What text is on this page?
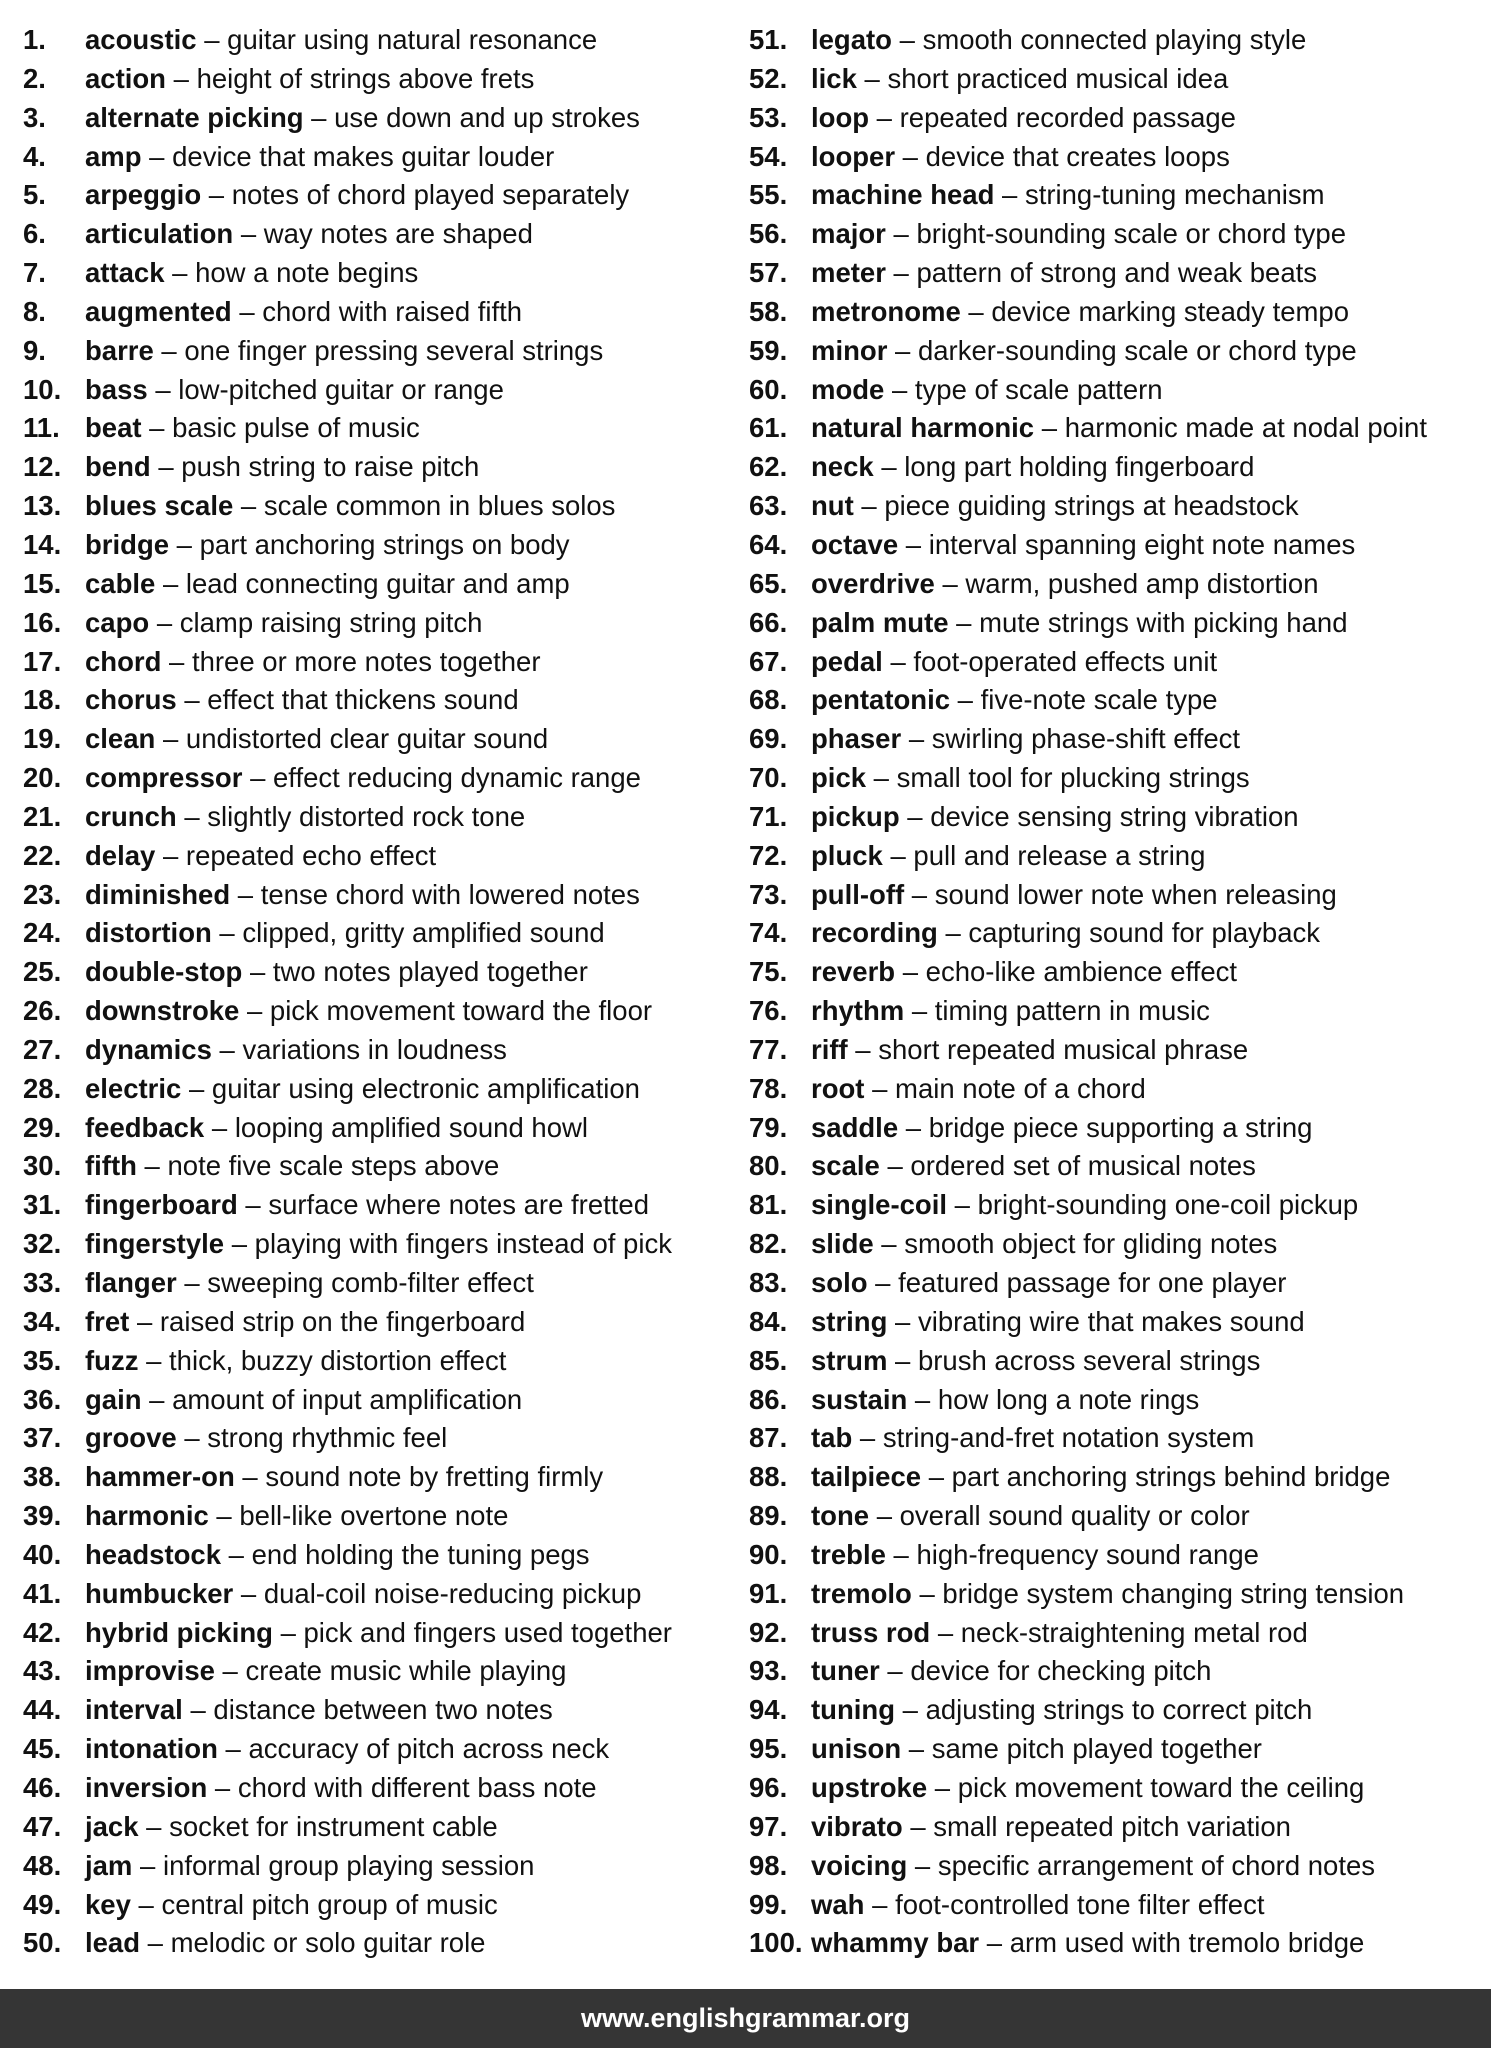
1. acoustic – guitar using natural resonance
2. action – height of strings above frets
3. alternate picking – use down and up strokes
4. amp – device that makes guitar louder
5. arpeggio – notes of chord played separately
6. articulation – way notes are shaped
7. attack – how a note begins
8. augmented – chord with raised fifth
9. barre – one finger pressing several strings
10. bass – low-pitched guitar or range
11. beat – basic pulse of music
12. bend – push string to raise pitch
13. blues scale – scale common in blues solos
14. bridge – part anchoring strings on body
15. cable – lead connecting guitar and amp
16. capo – clamp raising string pitch
17. chord – three or more notes together
18. chorus – effect that thickens sound
19. clean – undistorted clear guitar sound
20. compressor – effect reducing dynamic range
21. crunch – slightly distorted rock tone
22. delay – repeated echo effect
23. diminished – tense chord with lowered notes
24. distortion – clipped, gritty amplified sound
25. double-stop – two notes played together
26. downstroke – pick movement toward the floor
27. dynamics – variations in loudness
28. electric – guitar using electronic amplification
29. feedback – looping amplified sound howl
30. fifth – note five scale steps above
31. fingerboard – surface where notes are fretted
32. fingerstyle – playing with fingers instead of pick
33. flanger – sweeping comb-filter effect
34. fret – raised strip on the fingerboard
35. fuzz – thick, buzzy distortion effect
36. gain – amount of input amplification
37. groove – strong rhythmic feel
38. hammer-on – sound note by fretting firmly
39. harmonic – bell-like overtone note
40. headstock – end holding the tuning pegs
41. humbucker – dual-coil noise-reducing pickup
42. hybrid picking – pick and fingers used together
43. improvise – create music while playing
44. interval – distance between two notes
45. intonation – accuracy of pitch across neck
46. inversion – chord with different bass note
47. jack – socket for instrument cable
48. jam – informal group playing session
49. key – central pitch group of music
50. lead – melodic or solo guitar role
51. legato – smooth connected playing style
52. lick – short practiced musical idea
53. loop – repeated recorded passage
54. looper – device that creates loops
55. machine head – string-tuning mechanism
56. major – bright-sounding scale or chord type
57. meter – pattern of strong and weak beats
58. metronome – device marking steady tempo
59. minor – darker-sounding scale or chord type
60. mode – type of scale pattern
61. natural harmonic – harmonic made at nodal point
62. neck – long part holding fingerboard
63. nut – piece guiding strings at headstock
64. octave – interval spanning eight note names
65. overdrive – warm, pushed amp distortion
66. palm mute – mute strings with picking hand
67. pedal – foot-operated effects unit
68. pentatonic – five-note scale type
69. phaser – swirling phase-shift effect
70. pick – small tool for plucking strings
71. pickup – device sensing string vibration
72. pluck – pull and release a string
73. pull-off – sound lower note when releasing
74. recording – capturing sound for playback
75. reverb – echo-like ambience effect
76. rhythm – timing pattern in music
77. riff – short repeated musical phrase
78. root – main note of a chord
79. saddle – bridge piece supporting a string
80. scale – ordered set of musical notes
81. single-coil – bright-sounding one-coil pickup
82. slide – smooth object for gliding notes
83. solo – featured passage for one player
84. string – vibrating wire that makes sound
85. strum – brush across several strings
86. sustain – how long a note rings
87. tab – string-and-fret notation system
88. tailpiece – part anchoring strings behind bridge
89. tone – overall sound quality or color
90. treble – high-frequency sound range
91. tremolo – bridge system changing string tension
92. truss rod – neck-straightening metal rod
93. tuner – device for checking pitch
94. tuning – adjusting strings to correct pitch
95. unison – same pitch played together
96. upstroke – pick movement toward the ceiling
97. vibrato – small repeated pitch variation
98. voicing – specific arrangement of chord notes
99. wah – foot-controlled tone filter effect
100. whammy bar – arm used with tremolo bridge
www.englishgrammar.org
